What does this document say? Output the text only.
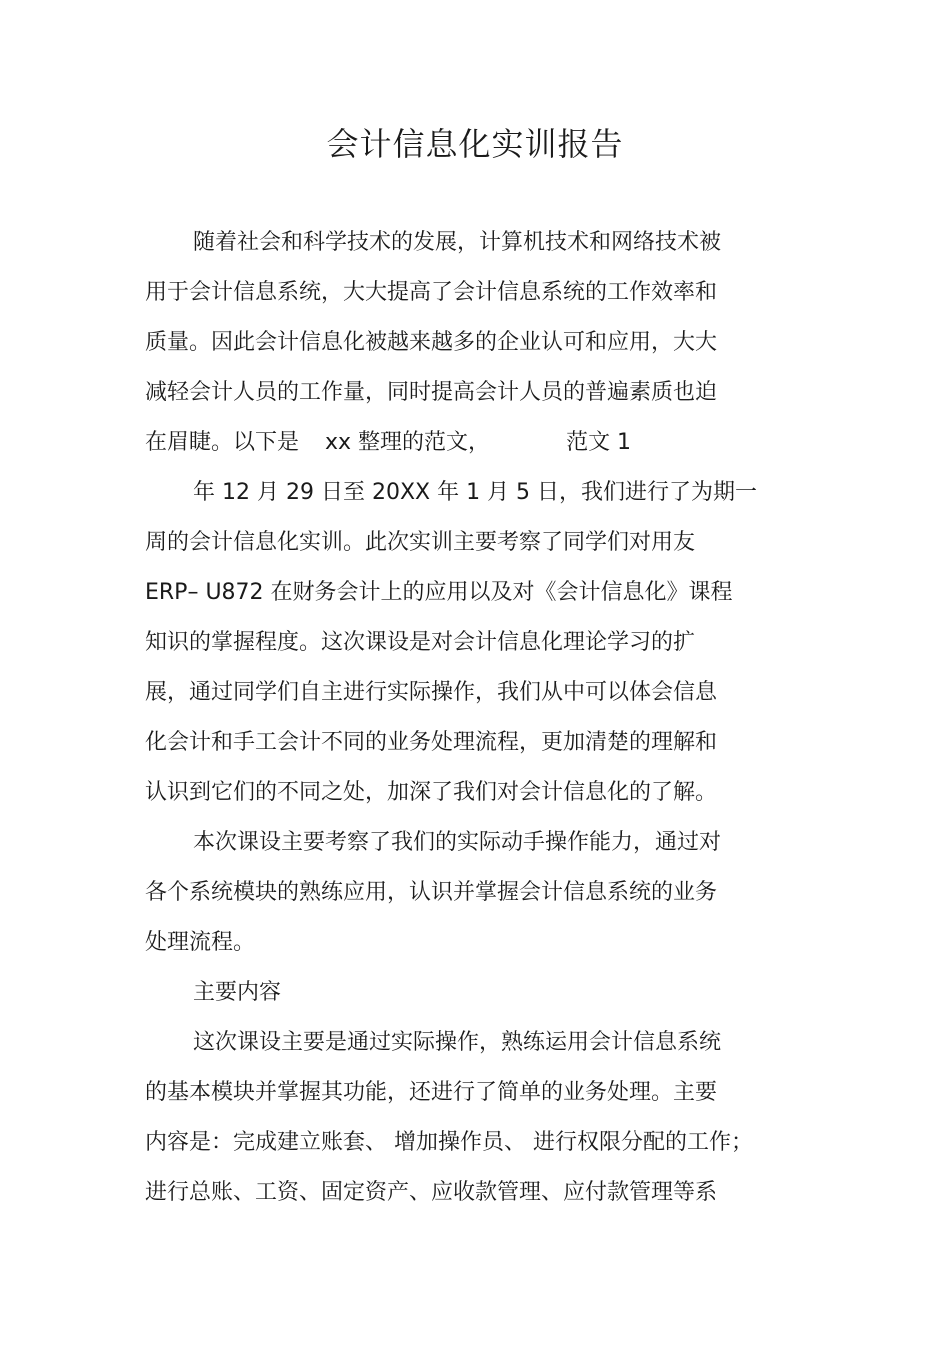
会计信息化实训报告
随着社会和科学技术的发展，计算机技术和网络技术被
用于会计信息系统，大大提高了会计信息系统的工作效率和
质量。因此会计信息化被越来越多的企业认可和应用，大大
减轻会计人员的工作量，同时提高会计人员的普遍素质也迫
在眉睫。以下是 xx 整理的范文，	范文 1
年 12 月 29 日至 20XX 年 1 月 5 日，我们进行了为期一
周的会计信息化实训。此次实训主要考察了同学们对用友
ERP– U872 在财务会计上的应用以及对《会计信息化》课程
知识的掌握程度。这次课设是对会计信息化理论学习的扩
展，通过同学们自主进行实际操作，我们从中可以体会信息
化会计和手工会计不同的业务处理流程，更加清楚的理解和
认识到它们的不同之处，加深了我们对会计信息化的了解。
本次课设主要考察了我们的实际动手操作能力，通过对
各个系统模块的熟练应用，认识并掌握会计信息系统的业务
处理流程。
主要内容
这次课设主要是通过实际操作，熟练运用会计信息系统
的基本模块并掌握其功能，还进行了简单的业务处理。主要
内容是：完成建立账套、 增加操作员、 进行权限分配的工作；
进行总账、工资、固定资产、应收款管理、应付款管理等系
